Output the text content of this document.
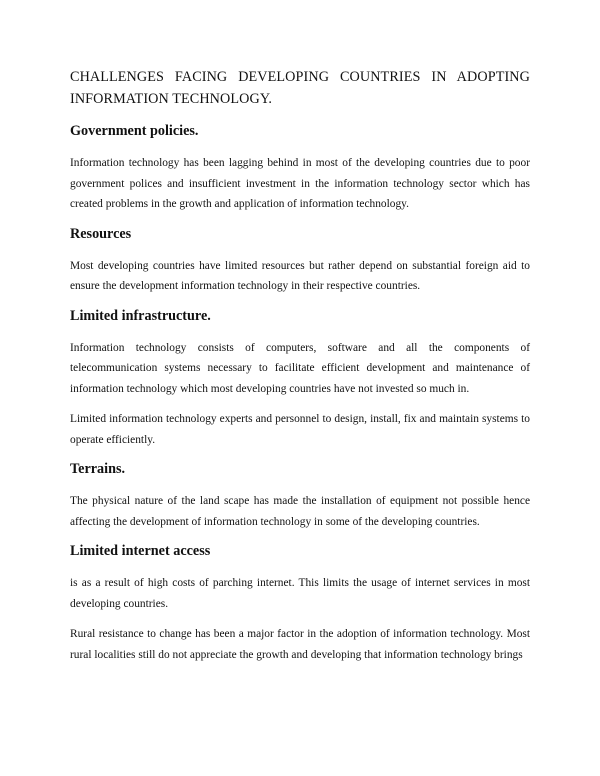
CHALLENGES FACING DEVELOPING COUNTRIES IN ADOPTING INFORMATION TECHNOLOGY.

Government policies.

Information technology has been lagging behind in most of the developing countries due to poor government polices and insufficient investment in the information technology sector which has created problems in the growth and application of information technology.

Resources

Most developing countries have limited resources but rather depend on substantial foreign aid to ensure the development information technology in their respective countries.

Limited infrastructure.

Information technology consists of computers, software and all the components of telecommunication systems necessary to facilitate efficient development and maintenance of information technology which most developing countries have not invested so much in.

Limited information technology experts and personnel to design, install, fix and maintain systems to operate efficiently.

Terrains.

The physical nature of the land scape has made the installation of equipment not possible hence affecting the development of information technology in some of the developing countries.

Limited internet access

is as a result of high costs of parching internet. This limits the usage of internet services in most developing countries.

Rural resistance to change has been a major factor in the adoption of information technology. Most rural localities still do not appreciate the growth and developing that information technology brings
